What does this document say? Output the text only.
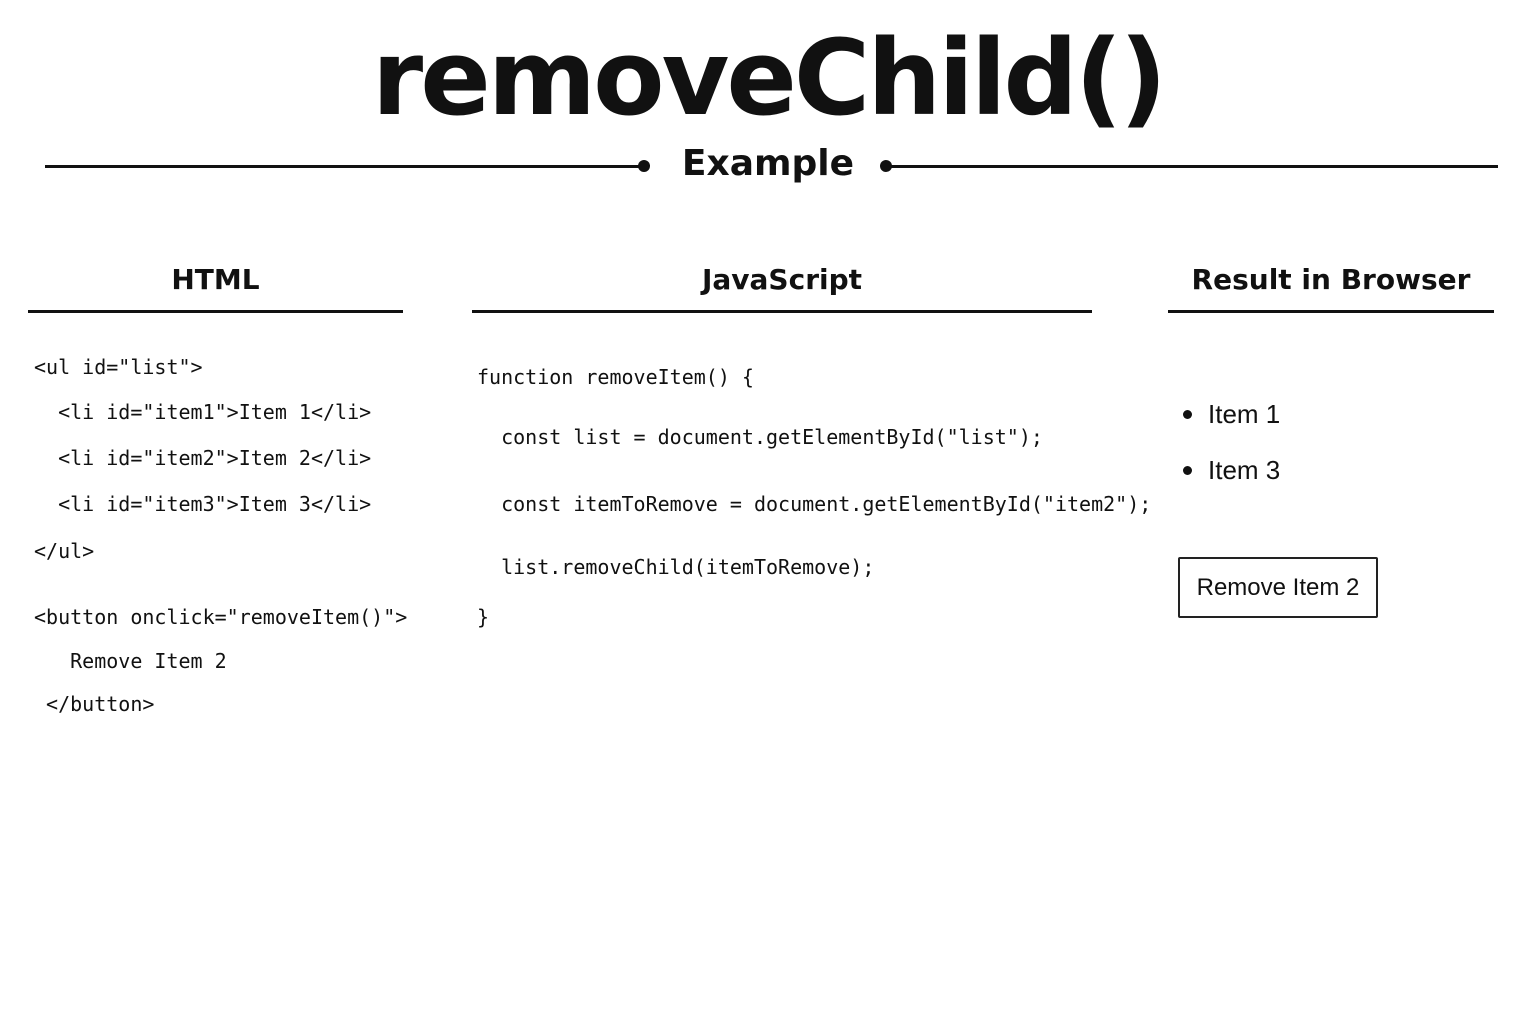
removeChild()
Example
HTML
<ul id="list">
<li id="item1">Item 1</li>
<li id="item2">Item 2</li>
<li id="item3">Item 3</li>
</ul>
<button onclick="removeItem()">
Remove Item 2
</button>
JavaScript
function removeItem() {
const list = document.getElementById("list");
const itemToRemove = document.getElementById("item2");
list.removeChild(itemToRemove);
}
Result in Browser
Item 1
Item 3
Remove Item 2
